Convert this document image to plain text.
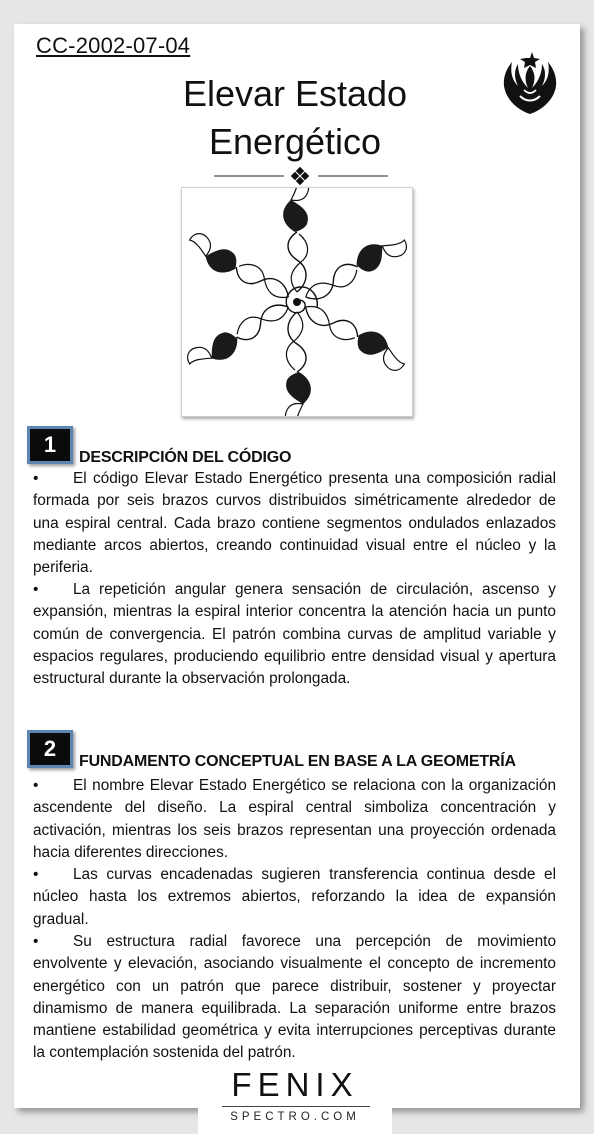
CC-2002-07-04
Elevar Estado
Energético
1
DESCRIPCIÓN DEL CÓDIGO

• El código Elevar Estado Energético presenta una composición radial formada por seis brazos curvos distribuidos simétricamente alrededor de una espiral central. Cada brazo contiene segmentos ondulados enlazados mediante arcos abiertos, creando continuidad visual entre el núcleo y la periferia.

• La repetición angular genera sensación de circulación, ascenso y expansión, mientras la espiral interior concentra la atención hacia un punto común de convergencia. El patrón combina curvas de amplitud variable y espacios regulares, produciendo equilibrio entre densidad visual y apertura estructural durante la observación prolongada.

2
FUNDAMENTO CONCEPTUAL EN BASE A LA GEOMETRÍA

• El nombre Elevar Estado Energético se relaciona con la organización ascendente del diseño. La espiral central simboliza concentración y activación, mientras los seis brazos representan una proyección ordenada hacia diferentes direcciones.

• Las curvas encadenadas sugieren transferencia continua desde el núcleo hasta los extremos abiertos, reforzando la idea de expansión gradual.

• Su estructura radial favorece una percepción de movimiento envolvente y elevación, asociando visualmente el concepto de incremento energético con un patrón que parece distribuir, sostener y proyectar dinamismo de manera equilibrada. La separación uniforme entre brazos mantiene estabilidad geométrica y evita interrupciones perceptivas durante la contemplación sostenida del patrón.

FENIX
SPECTRO.COM
